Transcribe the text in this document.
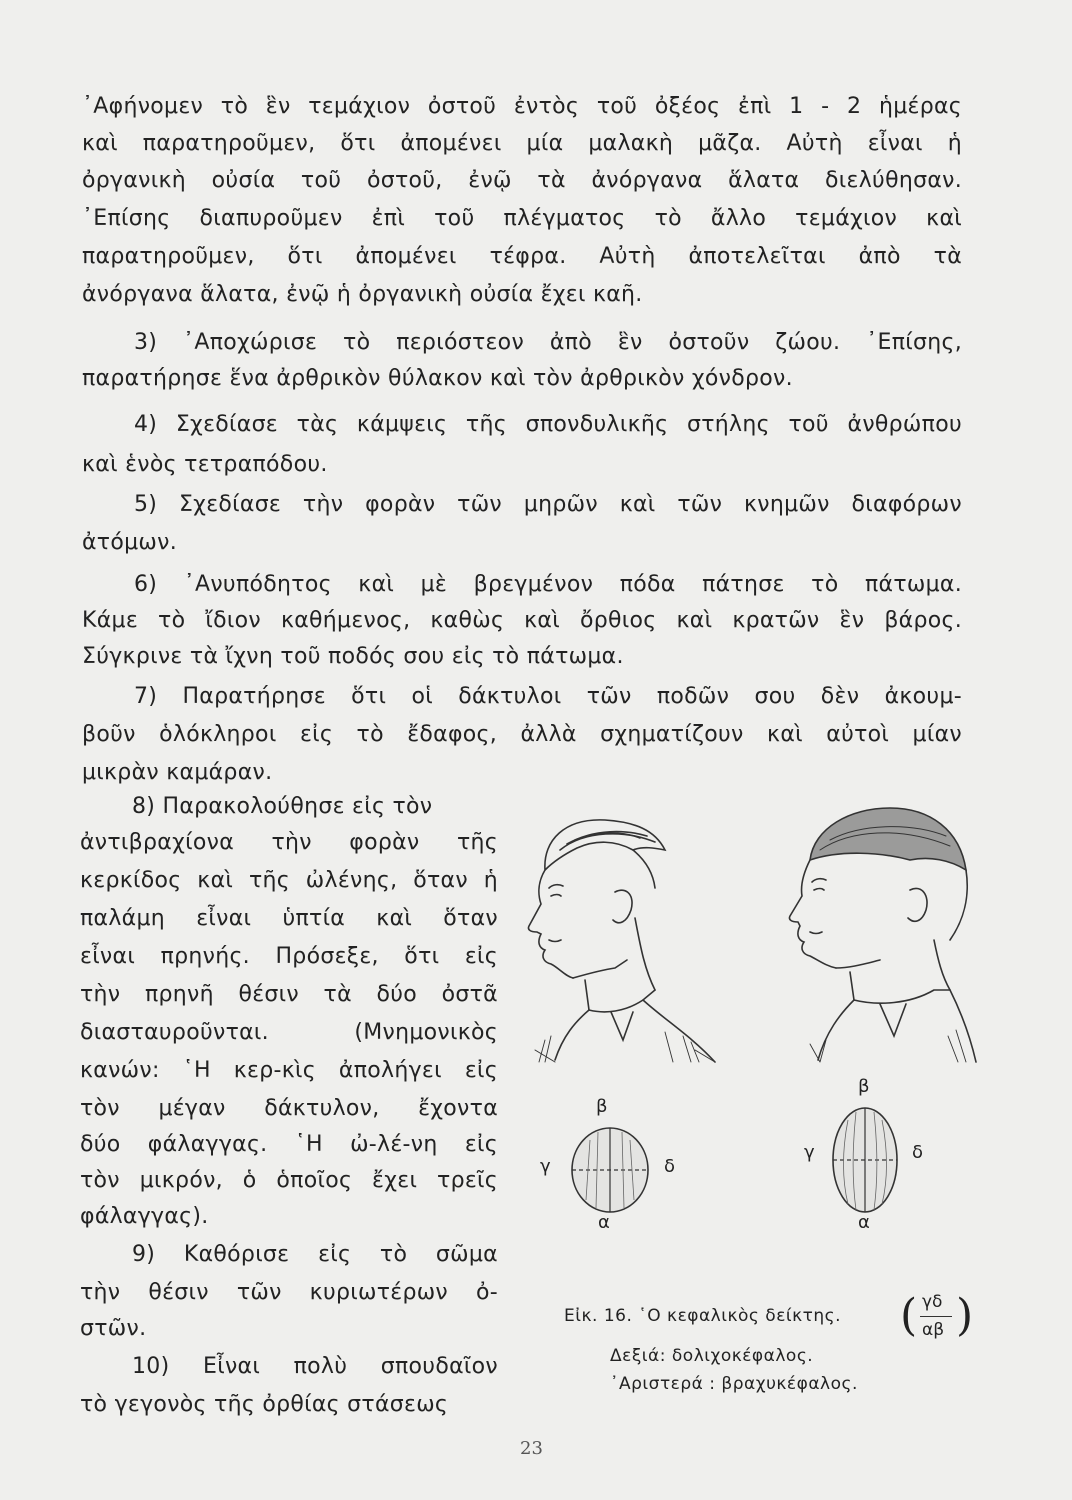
᾿Αφήνομεν τὸ ἓν τεμάχιον ὀστοῦ ἐντὸς τοῦ ὀξέος ἐπὶ 1 - 2 ἡμέρας
καὶ παρατηροῦμεν, ὅτι ἀπομένει μία μαλακὴ μᾶζα. Αὐτὴ εἶναι ἡ
ὀργανικὴ οὐσία τοῦ ὀστοῦ, ἐνῷ τὰ ἀνόργανα ἅλατα διελύθησαν.
᾿Επίσης διαπυροῦμεν ἐπὶ τοῦ πλέγματος τὸ ἄλλο τεμάχιον καὶ
παρατηροῦμεν, ὅτι ἀπομένει τέφρα. Αὐτὴ ἀποτελεῖται ἀπὸ τὰ
ἀνόργανα ἅλατα, ἐνῷ ἡ ὀργανικὴ οὐσία ἔχει καῆ.
3) ᾿Αποχώρισε τὸ περιόστεον ἀπὸ ἓν ὀστοῦν ζώου. ᾿Επίσης,
παρατήρησε ἕνα ἀρθρικὸν θύλακον καὶ τὸν ἀρθρικὸν χόνδρον.
4) Σχεδίασε τὰς κάμψεις τῆς σπονδυλικῆς στήλης τοῦ ἀνθρώπου
καὶ ἑνὸς τετραπόδου.
5) Σχεδίασε τὴν φορὰν τῶν μηρῶν καὶ τῶν κνημῶν διαφόρων
ἀτόμων.
6) ᾿Ανυπόδητος καὶ μὲ βρεγμένον πόδα πάτησε τὸ πάτωμα.
Κάμε τὸ ἴδιον καθήμενος, καθὼς καὶ ὄρθιος καὶ κρατῶν ἓν βάρος.
Σύγκρινε τὰ ἴχνη τοῦ ποδός σου εἰς τὸ πάτωμα.
7) Παρατήρησε ὅτι οἱ δάκτυλοι τῶν ποδῶν σου δὲν ἀκουμ-
βοῦν ὁλόκληροι εἰς τὸ ἔδαφος, ἀλλὰ σχηματίζουν καὶ αὐτοὶ μίαν
μικρὰν καμάραν.
8) Παρακολούθησε εἰς τὸν
ἀντιβραχίονα τὴν φορὰν τῆς
κερκίδος καὶ τῆς ὠλένης, ὅταν ἡ
παλάμη εἶναι ὑπτία καὶ ὅταν
εἶναι πρηνής. Πρόσεξε, ὅτι εἰς
τὴν πρηνῆ θέσιν τὰ δύο ὀστᾶ
διασταυροῦνται. (Μνημονικὸς
κανών: ῾Η κερ-κὶς ἀπολήγει εἰς
τὸν μέγαν δάκτυλον, ἔχοντα
δύο φάλαγγας. ῾Η ὠ-λέ-νη εἰς
τὸν μικρόν, ὁ ὁποῖος ἔχει τρεῖς
φάλαγγας).
9) Καθόρισε εἰς τὸ σῶμα
τὴν θέσιν τῶν κυριωτέρων ὀ-
στῶν.
10) Εἶναι πολὺ σπουδαῖον
τὸ γεγονὸς τῆς ὀρθίας στάσεως
β
γ	δ
α
β
γ	δ
α
Εἰκ. 16. ῾Ο κεφαλικὸς δείκτης. ( γδ
αβ )
Δεξιά: δολιχοκέφαλος.
᾿Αριστερά : βραχυκέφαλος.
23
